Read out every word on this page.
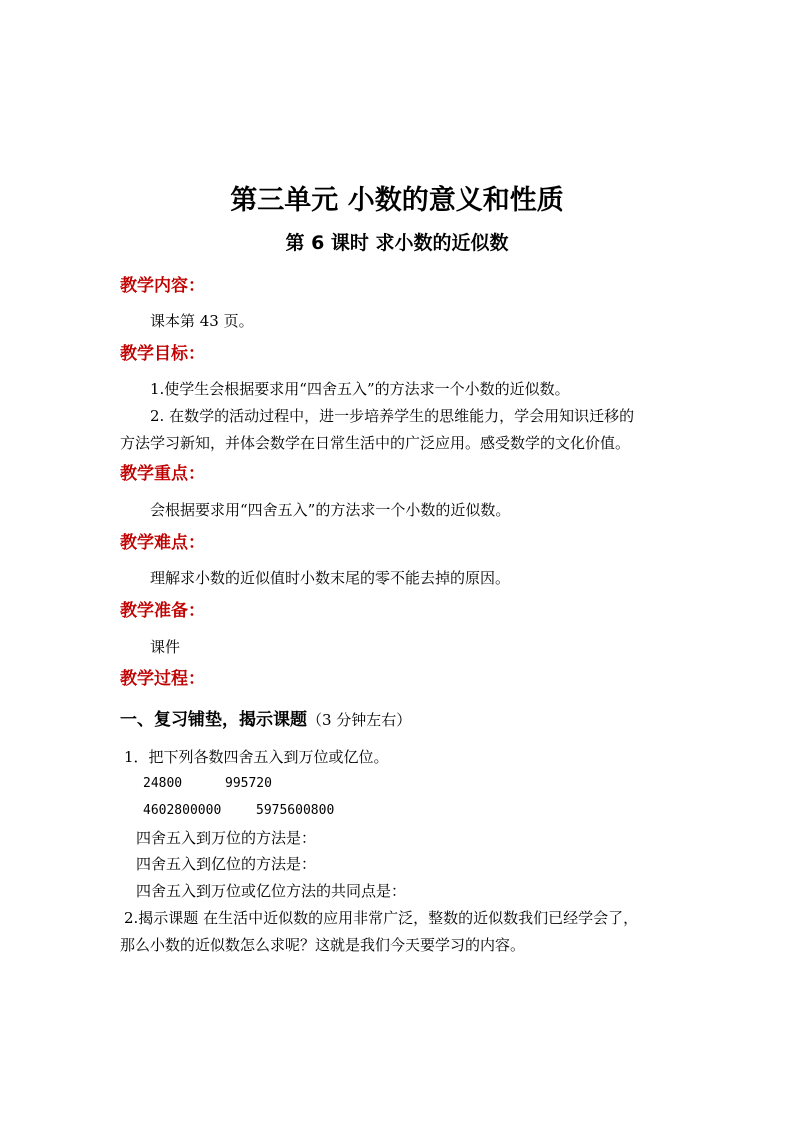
第三单元 小数的意义和性质
第 6 课时 求小数的近似数
教学内容：
课本第 43 页。
教学目标：
1.使学生会根据要求用“四舍五入”的方法求一个小数的近似数。
2. 在数学的活动过程中，进一步培养学生的思维能力，学会用知识迁移的
方法学习新知，并体会数学在日常生活中的广泛应用。感受数学的文化价值。
教学重点：
会根据要求用“四舍五入”的方法求一个小数的近似数。
教学难点：
理解求小数的近似值时小数末尾的零不能去掉的原因。
教学准备：
课件
教学过程：
一、复习铺垫，揭示课题（3 分钟左右）
1．把下列各数四舍五入到万位或亿位。
24800	995720
4602800000	5975600800
四舍五入到万位的方法是：
四舍五入到亿位的方法是：
四舍五入到万位或亿位方法的共同点是：
2.揭示课题 在生活中近似数的应用非常广泛，整数的近似数我们已经学会了，
那么小数的近似数怎么求呢？这就是我们今天要学习的内容。
